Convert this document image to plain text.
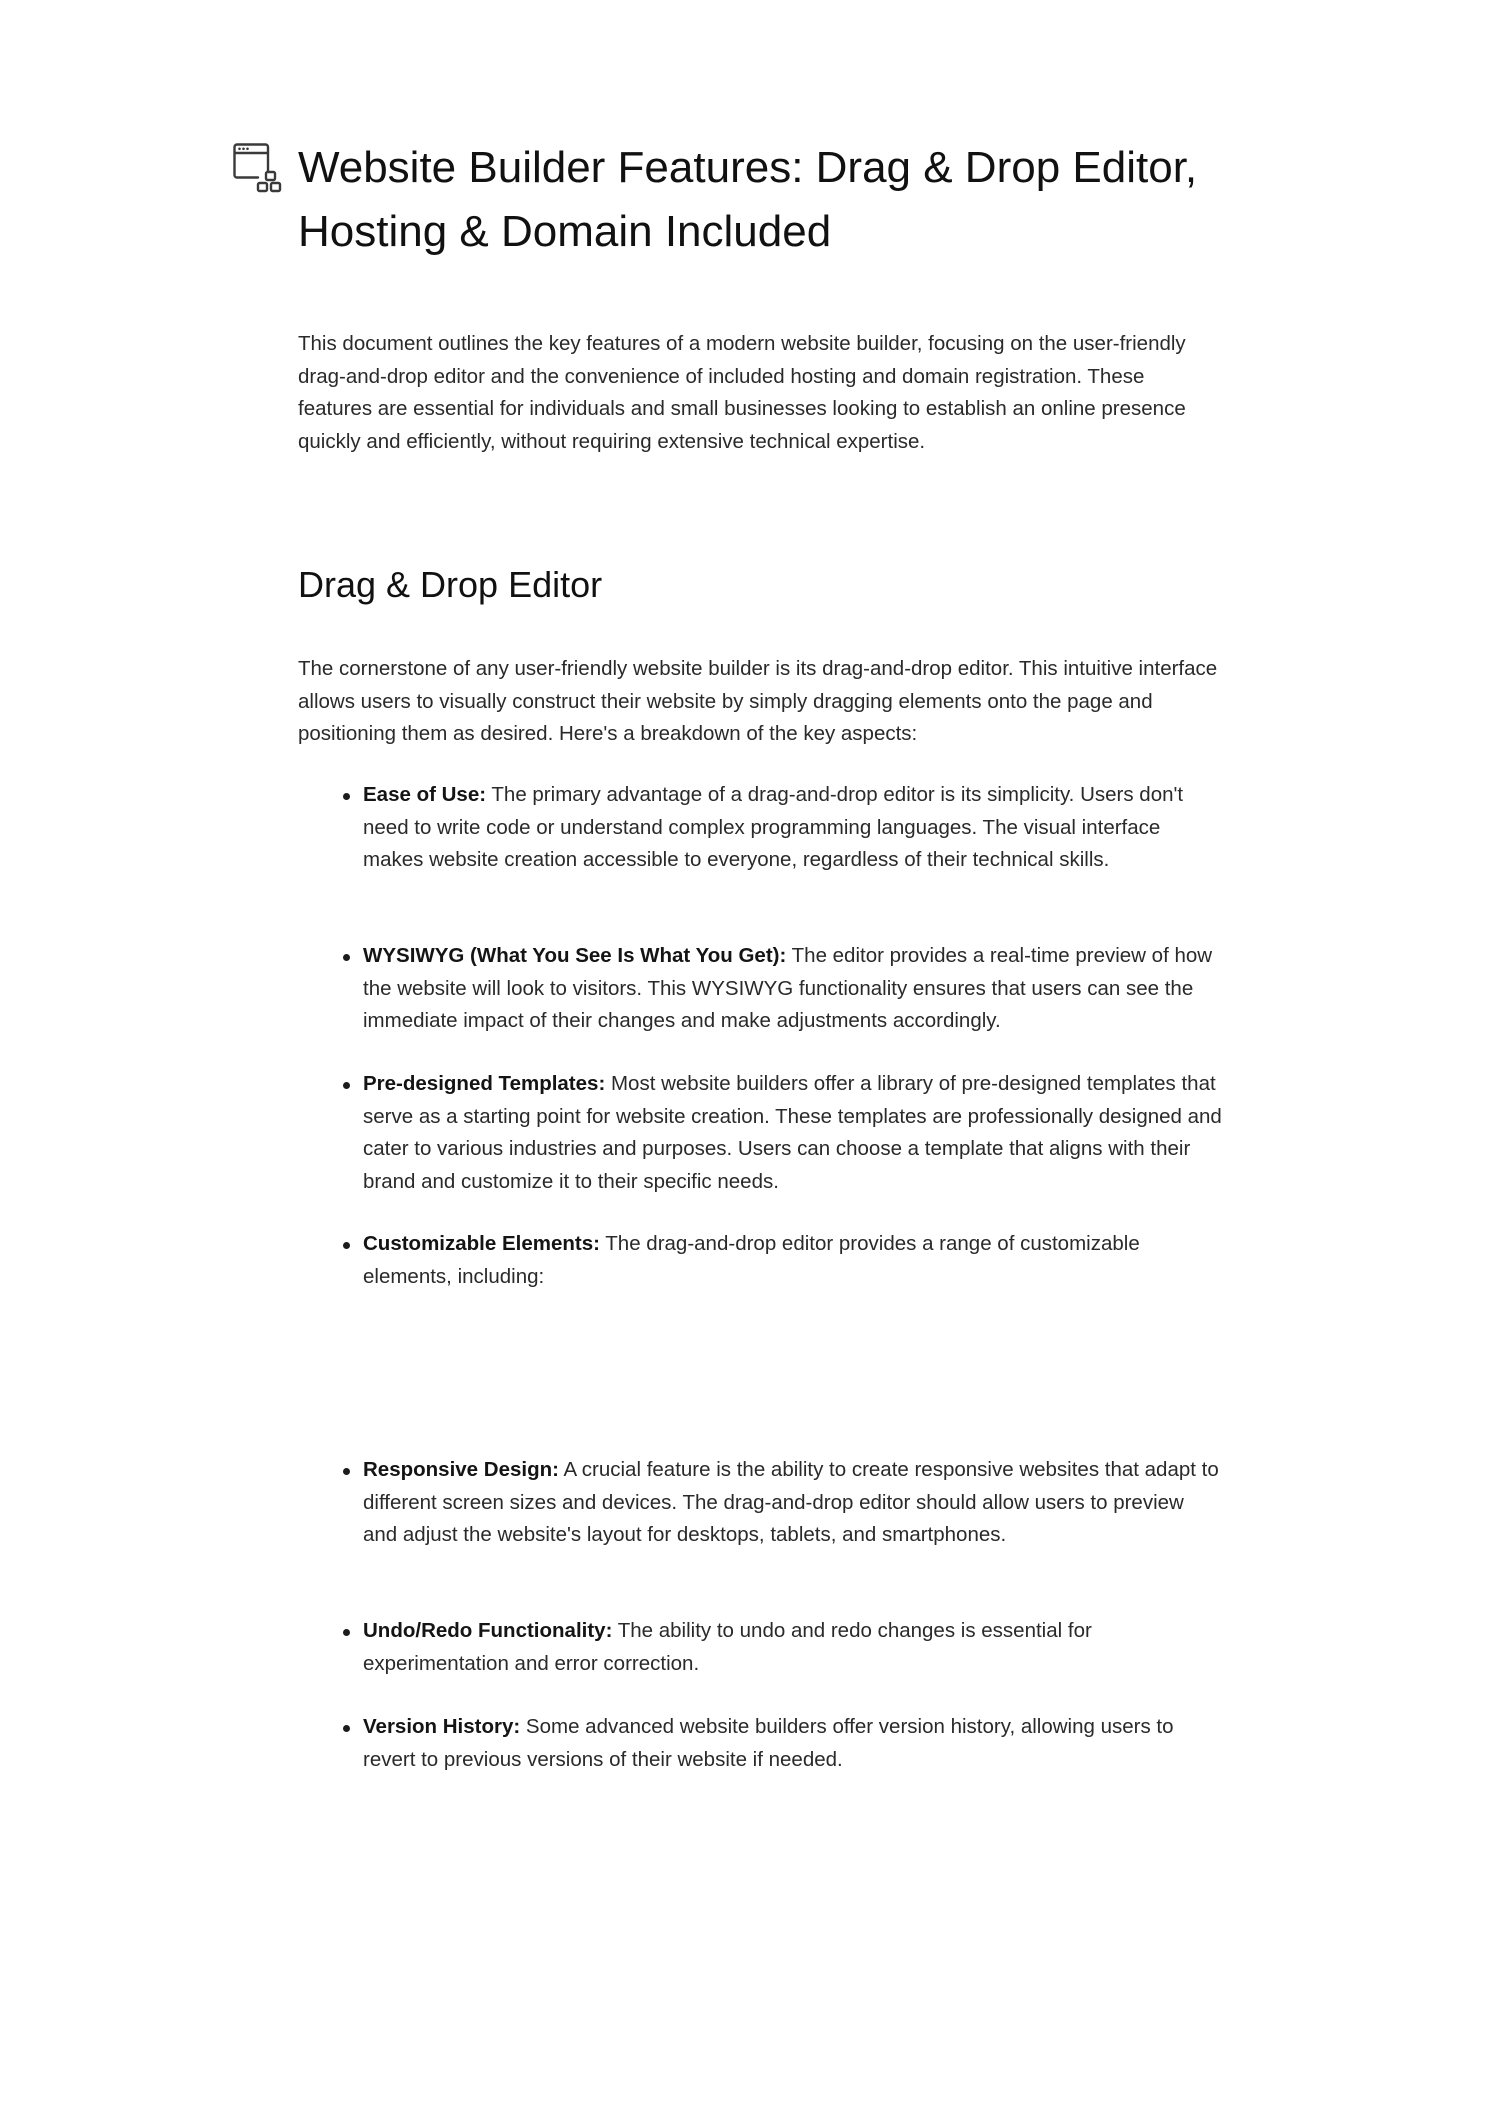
Website Builder Features: Drag & Drop Editor, Hosting & Domain Included

This document outlines the key features of a modern website builder, focusing on the user-friendly drag-and-drop editor and the convenience of included hosting and domain registration. These features are essential for individuals and small businesses looking to establish an online presence quickly and efficiently, without requiring extensive technical expertise.

Drag & Drop Editor

The cornerstone of any user-friendly website builder is its drag-and-drop editor. This intuitive interface allows users to visually construct their website by simply dragging elements onto the page and positioning them as desired. Here's a breakdown of the key aspects:

Ease of Use: The primary advantage of a drag-and-drop editor is its simplicity. Users don't need to write code or understand complex programming languages. The visual interface makes website creation accessible to everyone, regardless of their technical skills.

WYSIWYG (What You See Is What You Get): The editor provides a real-time preview of how the website will look to visitors. This WYSIWYG functionality ensures that users can see the immediate impact of their changes and make adjustments accordingly.

Pre-designed Templates: Most website builders offer a library of pre-designed templates that serve as a starting point for website creation. These templates are professionally designed and cater to various industries and purposes. Users can choose a template that aligns with their brand and customize it to their specific needs.

Customizable Elements: The drag-and-drop editor provides a range of customizable elements, including:

Responsive Design: A crucial feature is the ability to create responsive websites that adapt to different screen sizes and devices. The drag-and-drop editor should allow users to preview and adjust the website's layout for desktops, tablets, and smartphones.

Undo/Redo Functionality: The ability to undo and redo changes is essential for experimentation and error correction.

Version History: Some advanced website builders offer version history, allowing users to revert to previous versions of their website if needed.
